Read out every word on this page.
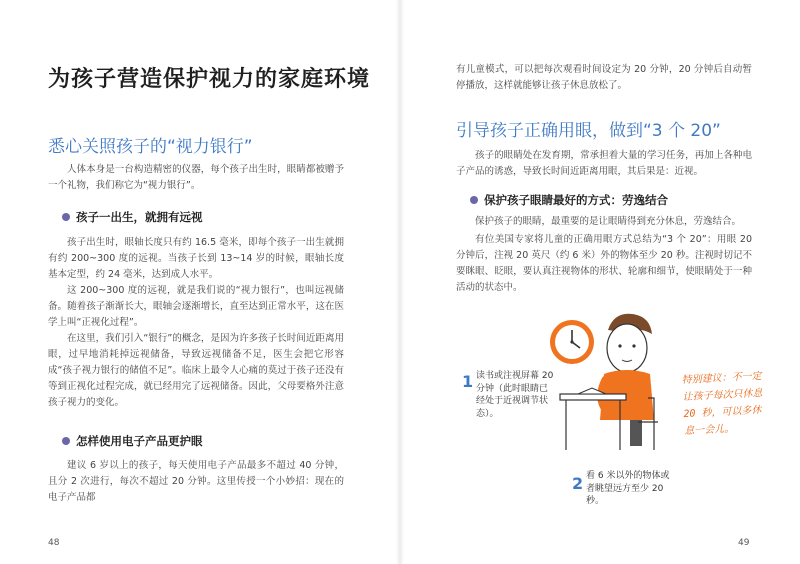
为孩子营造保护视力的家庭环境
悉心关照孩子的“视力银行”

人体本身是一台构造精密的仪器，每个孩子出生时，眼睛都被赠予一个礼物，我们称它为“视力银行”。

孩子一出生，就拥有远视

孩子出生时，眼轴长度只有约 16.5 毫米，即每个孩子一出生就拥有约 200~300 度的远视。当孩子长到 13~14 岁的时候，眼轴长度基本定型，约 24 毫米，达到成人水平。

这 200~300 度的远视，就是我们说的“视力银行”，也叫远视储备。随着孩子渐渐长大，眼轴会逐渐增长，直至达到正常水平，这在医学上叫“正视化过程”。

在这里，我们引入“银行”的概念，是因为许多孩子长时间近距离用眼，过早地消耗掉远视储备，导致远视储备不足，医生会把它形容成“孩子视力银行的储值不足”。临床上最令人心痛的莫过于孩子还没有等到正视化过程完成，就已经用完了远视储备。因此，父母要格外注意孩子视力的变化。

怎样使用电子产品更护眼

建议 6 岁以上的孩子，每天使用电子产品最多不超过 40 分钟，且分 2 次进行，每次不超过 20 分钟。这里传授一个小妙招：现在的电子产品都

48

有儿童模式，可以把每次观看时间设定为 20 分钟，20 分钟后自动暂停播放，这样就能够让孩子休息放松了。

引导孩子正确用眼，做到“3 个 20”

孩子的眼睛处在发育期，常承担着大量的学习任务，再加上各种电子产品的诱惑，导致长时间近距离用眼，其后果是：近视。

保护孩子眼睛最好的方式：劳逸结合

保护孩子的眼睛，最重要的是让眼睛得到充分休息，劳逸结合。

有位美国专家将儿童的正确用眼方式总结为“3 个 20”：用眼 20 分钟后，注视 20 英尺（约 6 米）外的物体至少 20 秒。注视时切记不要眯眼、眨眼，要认真注视物体的形状、轮廓和细节，使眼睛处于一种活动的状态中。

1 读书或注视屏幕 20 分钟（此时眼睛已经处于近视调节状态）。
2 看 6 米以外的物体或者眺望远方至少 20 秒。
特别建议：不一定让孩子每次只休息 20 秒，可以多休息一会儿。
49
